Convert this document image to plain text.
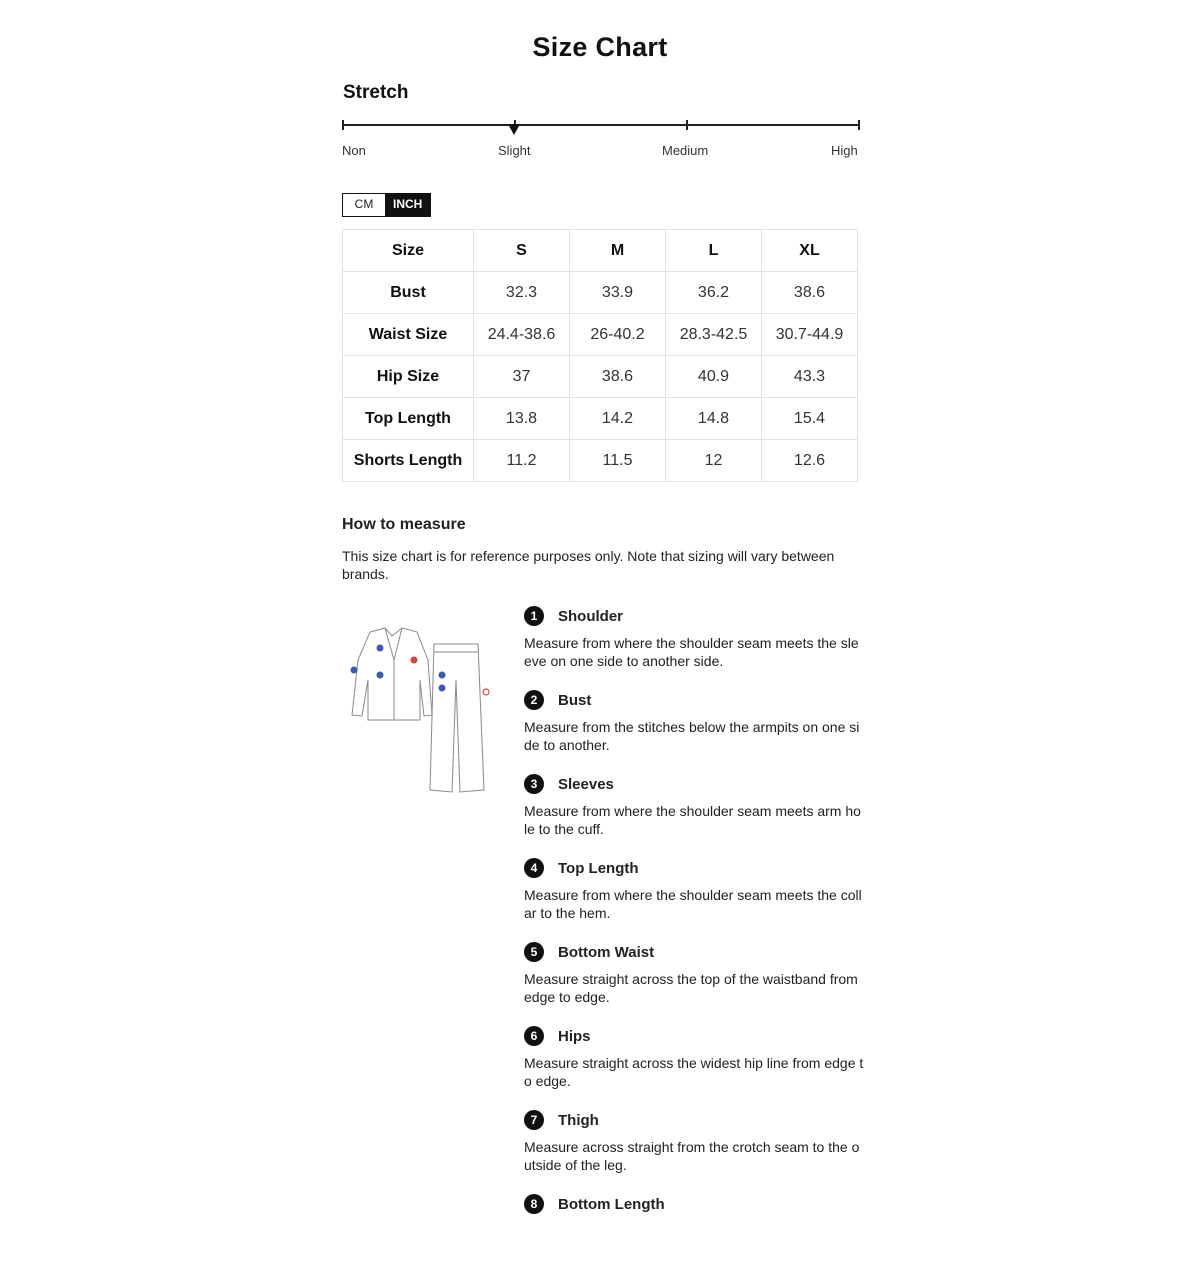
Size Chart
Stretch
Non	Slight	Medium	High
CM	INCH
Size	S	M	L	XL
Bust	32.3	33.9	36.2	38.6
Waist Size	24.4-38.6	26-40.2	28.3-42.5	30.7-44.9
Hip Size	37	38.6	40.9	43.3
Top Length	13.8	14.2	14.8	15.4
Shorts Length	11.2	11.5	12	12.6
How to measure
This size chart is for reference purposes only. Note that sizing will vary between brands.
1	Shoulder
Measure from where the shoulder seam meets the sleeve on one side to another side.
2	Bust
Measure from the stitches below the armpits on one side to another.
3	Sleeves
Measure from where the shoulder seam meets arm hole to the cuff.
4	Top Length
Measure from where the shoulder seam meets the collar to the hem.
5	Bottom Waist
Measure straight across the top of the waistband from edge to edge.
6	Hips
Measure straight across the widest hip line from edge to edge.
7	Thigh
Measure across straight from the crotch seam to the outside of the leg.
8	Bottom Length
